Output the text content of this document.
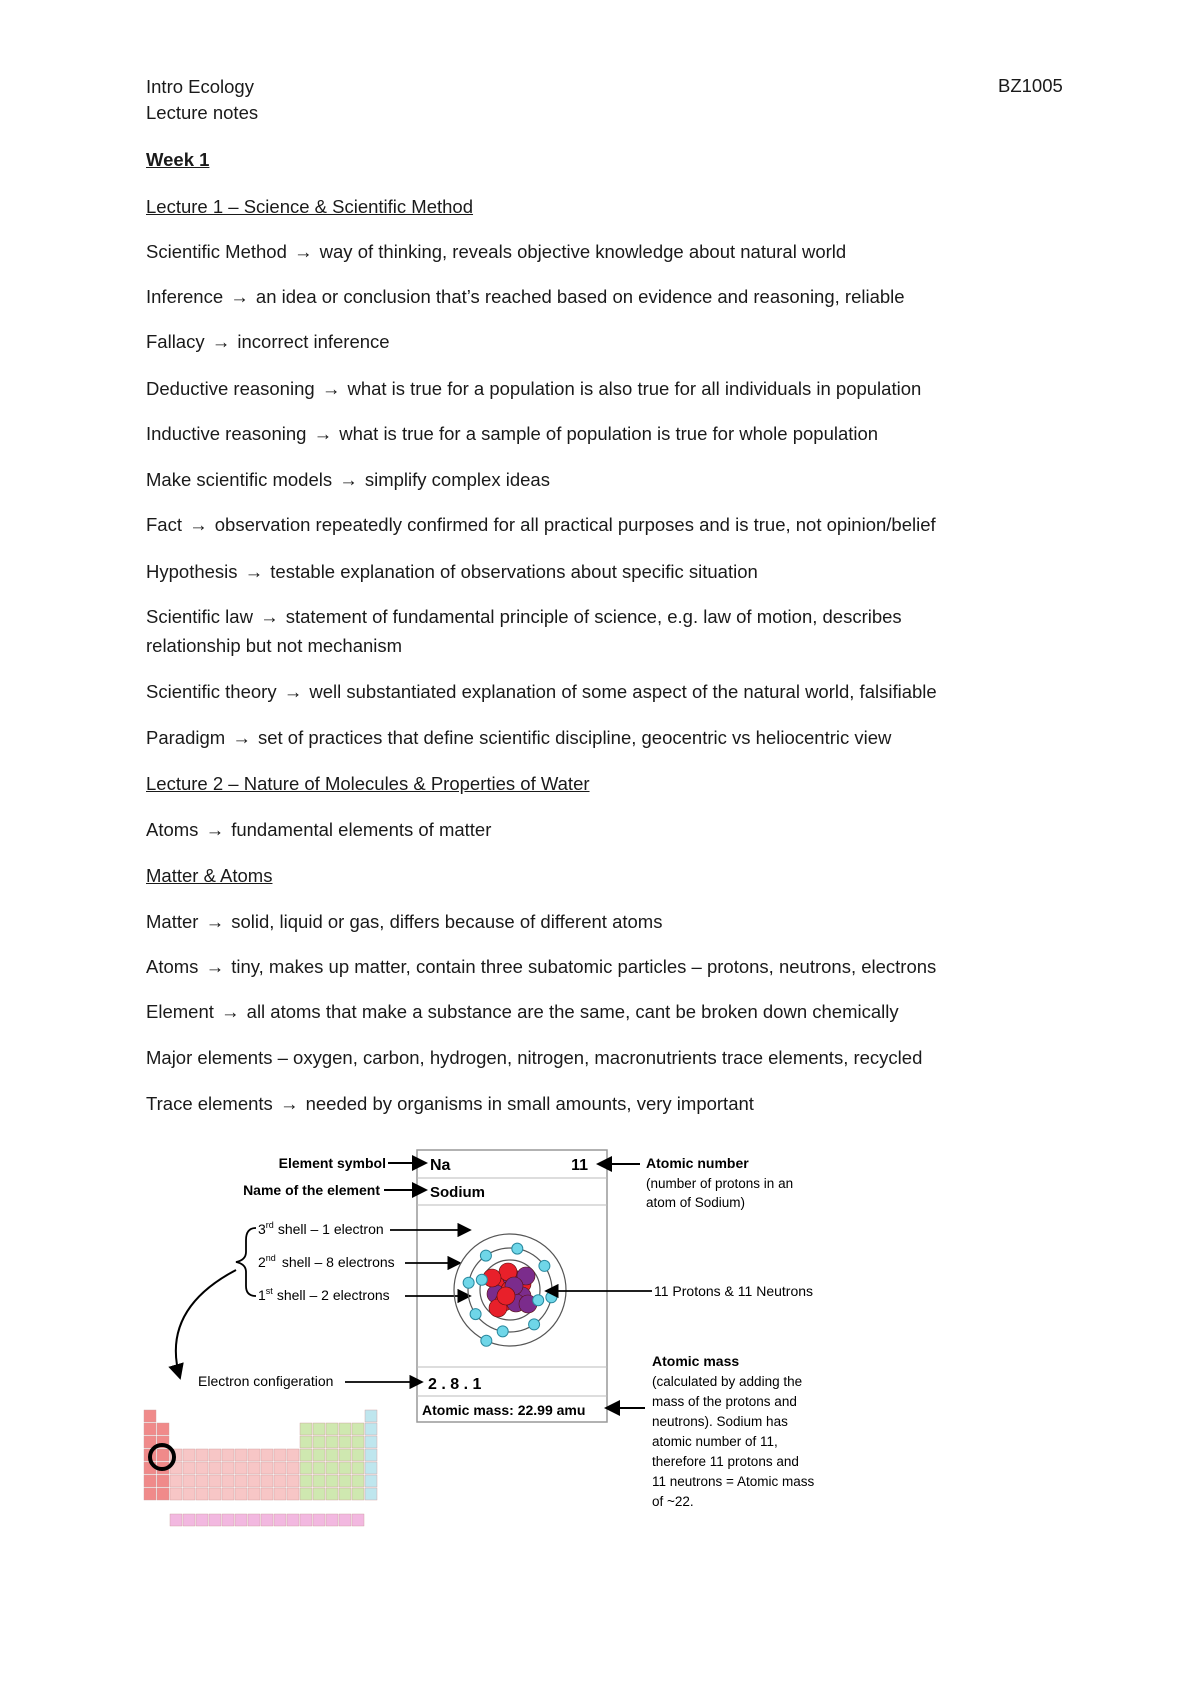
Intro Ecology	BZ1005
Lecture notes
Week 1
Lecture 1 – Science & Scientific Method
Scientific Method → way of thinking, reveals objective knowledge about natural world
Inference → an idea or conclusion that’s reached based on evidence and reasoning, reliable
Fallacy → incorrect inference
Deductive reasoning → what is true for a population is also true for all individuals in population
Inductive reasoning → what is true for a sample of population is true for whole population
Make scientific models → simplify complex ideas
Fact → observation repeatedly confirmed for all practical purposes and is true, not opinion/belief
Hypothesis → testable explanation of observations about specific situation
Scientific law → statement of fundamental principle of science, e.g. law of motion, describes
relationship but not mechanism
Scientific theory → well substantiated explanation of some aspect of the natural world, falsifiable
Paradigm → set of practices that define scientific discipline, geocentric vs heliocentric view
Lecture 2 – Nature of Molecules & Properties of Water
Atoms → fundamental elements of matter
Matter & Atoms
Matter → solid, liquid or gas, differs because of different atoms
Atoms → tiny, makes up matter, contain three subatomic particles – protons, neutrons, electrons
Element → all atoms that make a substance are the same, cant be broken down chemically
Major elements – oxygen, carbon, hydrogen, nitrogen, macronutrients trace elements, recycled
Trace elements → needed by organisms in small amounts, very important
Na	11
Sodium
2 . 8 . 1
Atomic mass: 22.99 amu
Element symbol
Name of the element
Atomic number
(number of protons in an
atom of Sodium)
3rd shell – 1 electron
2nd shell – 8 electrons
1st shell – 2 electrons	11 Protons & 11 Neutrons
Electron configeration
Atomic mass
(calculated by adding the
mass of the protons and
neutrons). Sodium has
atomic number of 11,
therefore 11 protons and
11 neutrons = Atomic mass
of ~22.
